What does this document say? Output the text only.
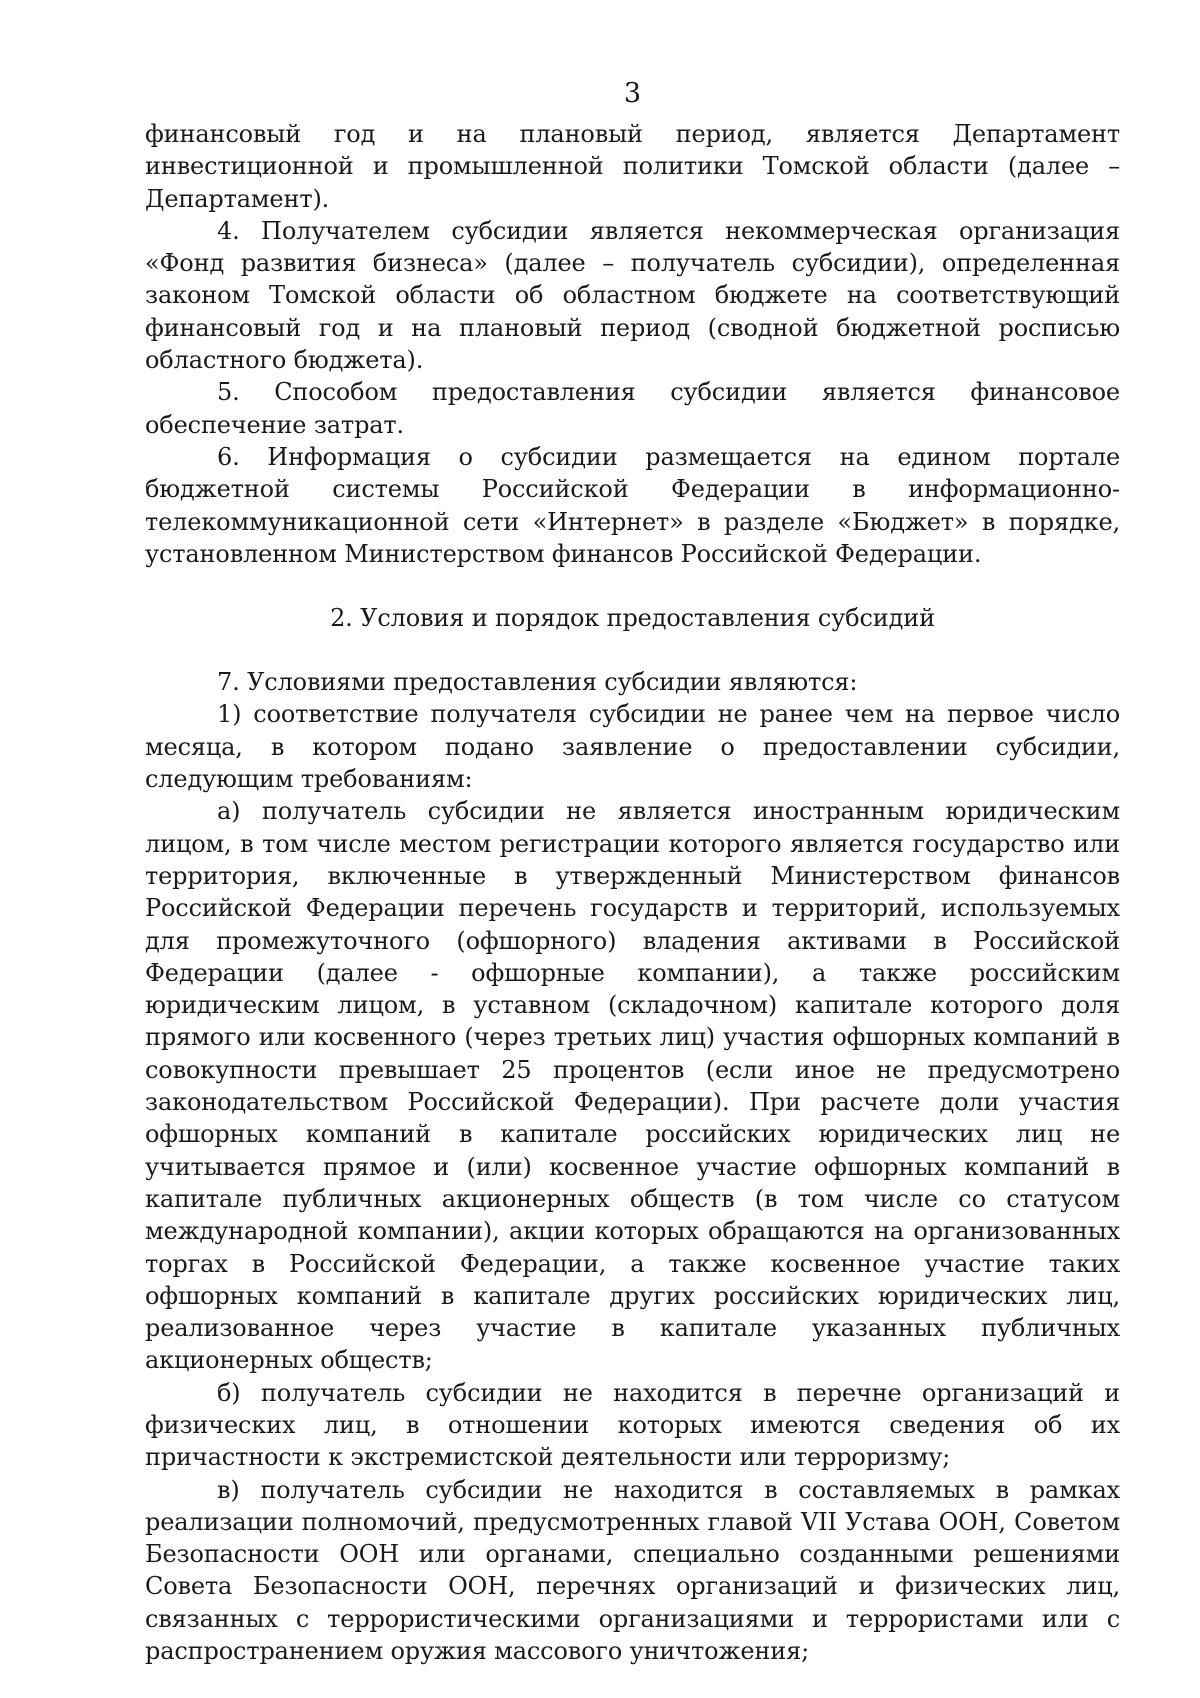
3

финансовый год и на плановый период, является Департамент инвестиционной и промышленной политики Томской области (далее – Департамент).

4. Получателем субсидии является некоммерческая организация «Фонд развития бизнеса» (далее – получатель субсидии), определенная законом Томской области об областном бюджете на соответствующий финансовый год и на плановый период (сводной бюджетной росписью областного бюджета).

5. Способом предоставления субсидии является финансовое обеспечение затрат.

6. Информация о субсидии размещается на едином портале бюджетной системы Российской Федерации в информационно-телекоммуникационной сети «Интернет» в разделе «Бюджет» в порядке, установленном Министерством финансов Российской Федерации.

2. Условия и порядок предоставления субсидий

7. Условиями предоставления субсидии являются:

1) соответствие получателя субсидии не ранее чем на первое число месяца, в котором подано заявление о предоставлении субсидии, следующим требованиям:

а) получатель субсидии не является иностранным юридическим лицом, в том числе местом регистрации которого является государство или территория, включенные в утвержденный Министерством финансов Российской Федерации перечень государств и территорий, используемых для промежуточного (офшорного) владения активами в Российской Федерации (далее - офшорные компании), а также российским юридическим лицом, в уставном (складочном) капитале которого доля прямого или косвенного (через третьих лиц) участия офшорных компаний в совокупности превышает 25 процентов (если иное не предусмотрено законодательством Российской Федерации). При расчете доли участия офшорных компаний в капитале российских юридических лиц не учитывается прямое и (или) косвенное участие офшорных компаний в капитале публичных акционерных обществ (в том числе со статусом международной компании), акции которых обращаются на организованных торгах в Российской Федерации, а также косвенное участие таких офшорных компаний в капитале других российских юридических лиц, реализованное через участие в капитале указанных публичных акционерных обществ;

б) получатель субсидии не находится в перечне организаций и физических лиц, в отношении которых имеются сведения об их причастности к экстремистской деятельности или терроризму;

в) получатель субсидии не находится в составляемых в рамках реализации полномочий, предусмотренных главой VII Устава ООН, Советом Безопасности ООН или органами, специально созданными решениями Совета Безопасности ООН, перечнях организаций и физических лиц, связанных с террористическими организациями и террористами или с распространением оружия массового уничтожения;
